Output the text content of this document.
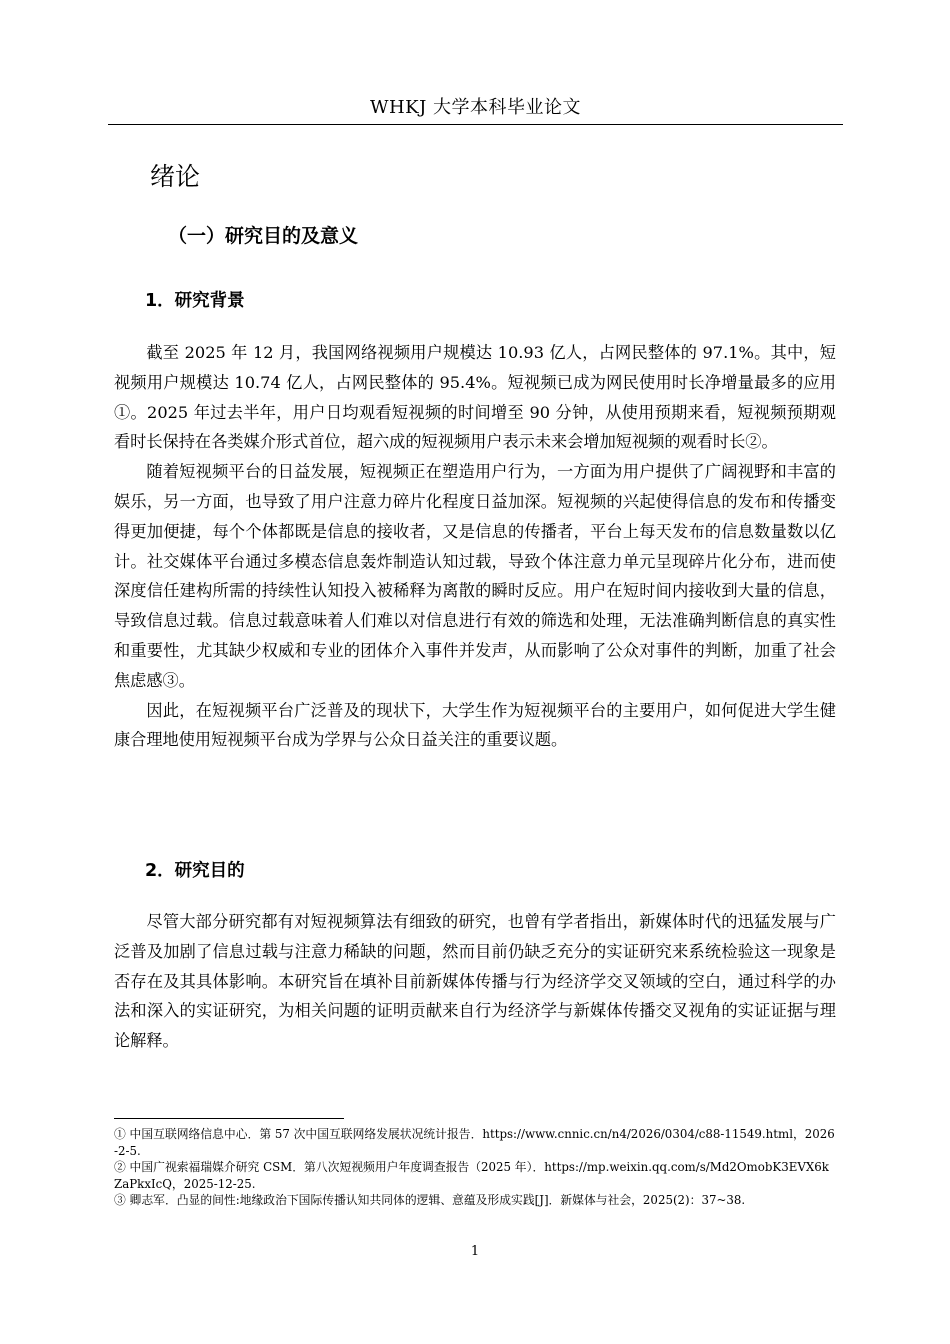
WHKJ 大学本科毕业论文
绪论
（一）研究目的及意义
1．研究背景

截至 2025 年 12 月，我国网络视频用户规模达 10.93 亿人，占网民整体的 97.1%。其中，短视频用户规模达 10.74 亿人，占网民整体的 95.4%。短视频已成为网民使用时长净增量最多的应用①。2025 年过去半年，用户日均观看短视频的时间增至 90 分钟，从使用预期来看，短视频预期观看时长保持在各类媒介形式首位，超六成的短视频用户表示未来会增加短视频的观看时长②。

随着短视频平台的日益发展，短视频正在塑造用户行为，一方面为用户提供了广阔视野和丰富的娱乐，另一方面，也导致了用户注意力碎片化程度日益加深。短视频的兴起使得信息的发布和传播变得更加便捷，每个个体都既是信息的接收者，又是信息的传播者，平台上每天发布的信息数量数以亿计。社交媒体平台通过多模态信息轰炸制造认知过载，导致个体注意力单元呈现碎片化分布，进而使深度信任建构所需的持续性认知投入被稀释为离散的瞬时反应。用户在短时间内接收到大量的信息，导致信息过载。信息过载意味着人们难以对信息进行有效的筛选和处理，无法准确判断信息的真实性和重要性，尤其缺少权威和专业的团体介入事件并发声，从而影响了公众对事件的判断，加重了社会焦虑感③。

因此，在短视频平台广泛普及的现状下，大学生作为短视频平台的主要用户，如何促进大学生健康合理地使用短视频平台成为学界与公众日益关注的重要议题。

2．研究目的

尽管大部分研究都有对短视频算法有细致的研究，也曾有学者指出，新媒体时代的迅猛发展与广泛普及加剧了信息过载与注意力稀缺的问题，然而目前仍缺乏充分的实证研究来系统检验这一现象是否存在及其具体影响。本研究旨在填补目前新媒体传播与行为经济学交叉领域的空白，通过科学的办法和深入的实证研究，为相关问题的证明贡献来自行为经济学与新媒体传播交叉视角的实证证据与理论解释。

① 中国互联网络信息中心．第 57 次中国互联网络发展状况统计报告．https://www.cnnic.cn/n4/2026/0304/c88-11549.html，2026-2-5.

② 中国广视索福瑞媒介研究 CSM．第八次短视频用户年度调查报告（2025 年）．https://mp.weixin.qq.com/s/Md2OmobK3EVX6kZaPkxIcQ，2025-12-25.

③ 卿志军．凸显的间性:地缘政治下国际传播认知共同体的逻辑、意蕴及形成实践[J]．新媒体与社会，2025(2)：37~38.

1
